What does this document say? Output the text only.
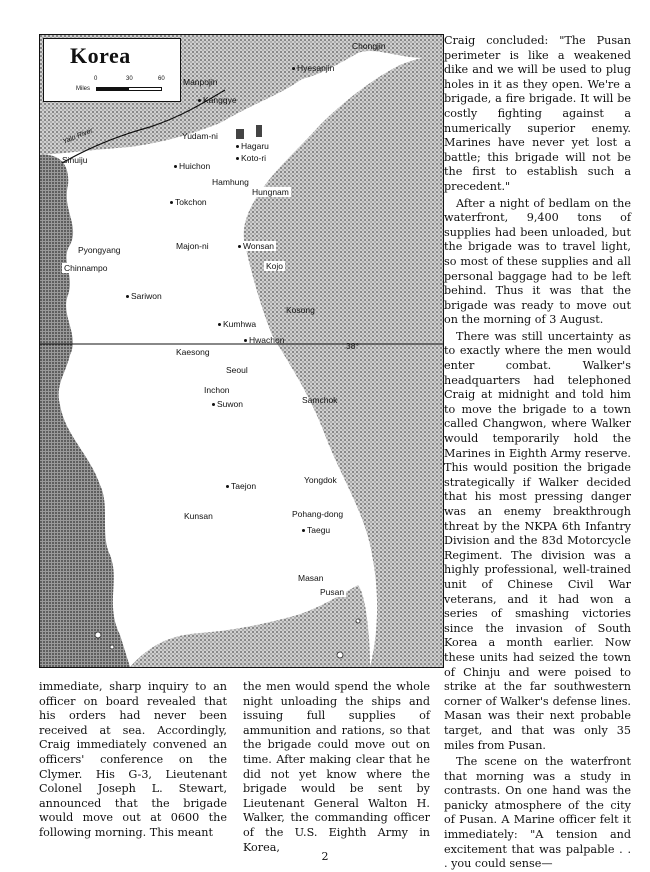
Korea
Miles
0	30	60
Yalu River
Chongjin
Hyesanjin
Manpojin
Kanggye
Yudam-ni
Hagaru
Koto-ri
Sinuiju
Huichon
Hamhung
Hungnam
Tokchon
Pyongyang	Majon-ni	Wonsan
Chinnampo	Kojo
Sariwon
Kosong
Kumhwa
Hwachon
Kaesong
Seoul
Inchon
Suwon	Samchok
Taejon
Yongdok
Kunsan	Pohang-dong
Taegu
Masan
Pusan
38°

Craig concluded: "The Pusan perimeter is like a weakened dike and we will be used to plug holes in it as they open. We're a brigade, a fire brigade. It will be costly fighting against a numerically superior enemy. Marines have never yet lost a battle; this brigade will not be the first to establish such a precedent."

After a night of bedlam on the waterfront, 9,400 tons of supplies had been unloaded, but the brigade was to travel light, so most of these supplies and all personal baggage had to be left behind. Thus it was that the brigade was ready to move out on the morning of 3 August.

There was still uncertainty as to exactly where the men would enter combat. Walker's headquarters had telephoned Craig at midnight and told him to move the brigade to a town called Changwon, where Walker would temporarily hold the Marines in Eighth Army reserve. This would position the brigade strategically if Walker decided that his most pressing danger was an enemy breakthrough threat by the NKPA 6th Infantry Division and the 83d Motorcycle Regiment. The division was a highly professional, well-trained unit of Chinese Civil War veterans, and it had won a series of smashing victories since the invasion of South Korea a month earlier. Now these units had seized the town of Chinju and were poised to strike at the far southwestern corner of Walker's defense lines. Masan was their next probable target, and that was only 35 miles from Pusan.

The scene on the waterfront that morning was a study in contrasts. On one hand was the panicky atmosphere of the city of Pusan. A Marine officer felt it immediately: "A tension and excitement that was palpable . . . you could sense—

immediate, sharp inquiry to an officer on board revealed that his orders had never been received at sea. Accordingly, Craig immediately convened an officers' conference on the Clymer. His G-3, Lieutenant Colonel Joseph L. Stewart, announced that the brigade would move out at 0600 the following morning. This meant

the men would spend the whole night unloading the ships and issuing full supplies of ammunition and rations, so that the brigade could move out on time. After making clear that he did not yet know where the brigade would be sent by Lieutenant General Walton H. Walker, the commanding officer of the U.S. Eighth Army in Korea,

2
